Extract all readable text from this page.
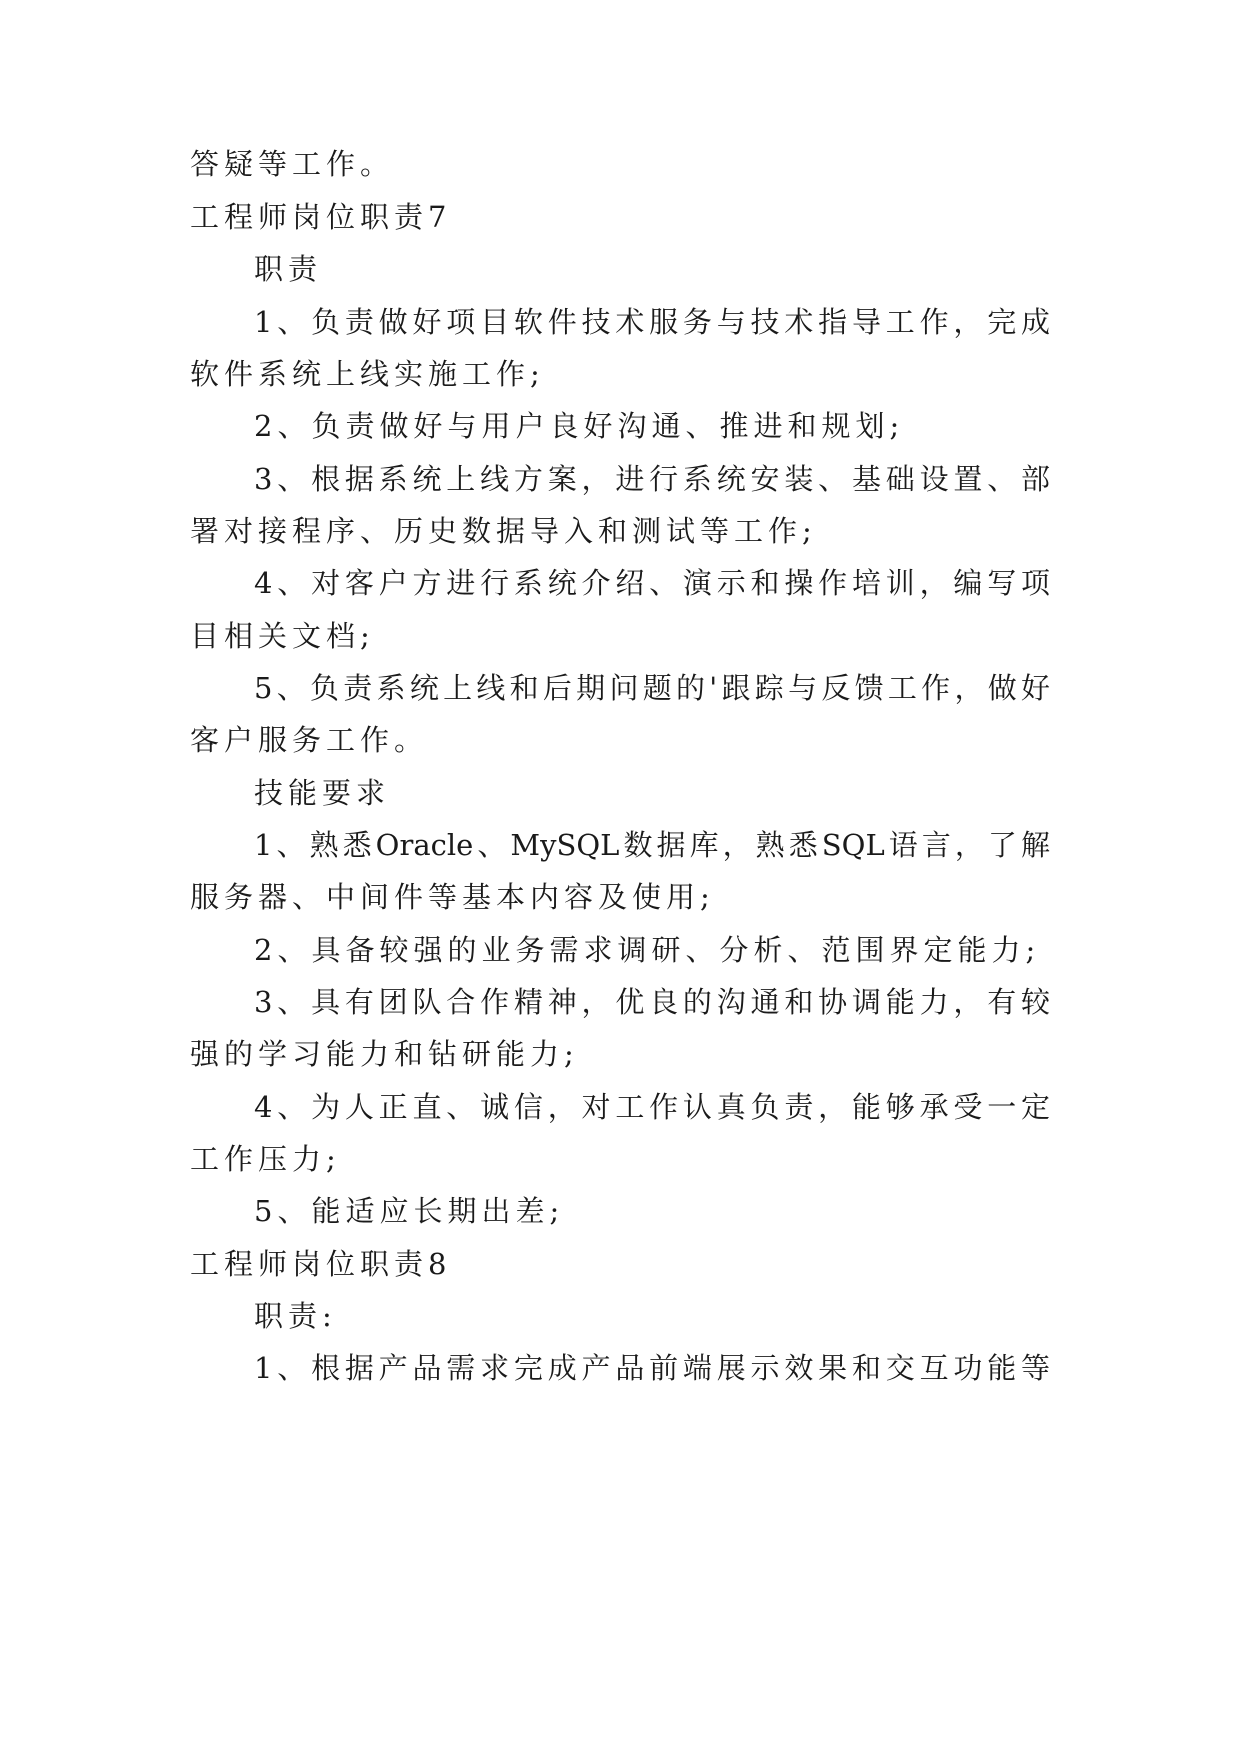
答疑等工作。
工程师岗位职责7
职责
1、负责做好项目软件技术服务与技术指导工作，完成
软件系统上线实施工作;
2、负责做好与用户良好沟通、推进和规划;
3、根据系统上线方案，进行系统安装、基础设置、部
署对接程序、历史数据导入和测试等工作;
4、对客户方进行系统介绍、演示和操作培训，编写项
目相关文档;
5、负责系统上线和后期问题的'跟踪与反馈工作，做好
客户服务工作。
技能要求
1、熟悉Oracle、MySQL数据库，熟悉SQL语言，了解
服务器、中间件等基本内容及使用;
2、具备较强的业务需求调研、分析、范围界定能力;
3、具有团队合作精神，优良的沟通和协调能力，有较
强的学习能力和钻研能力;
4、为人正直、诚信，对工作认真负责，能够承受一定
工作压力;
5、能适应长期出差;
工程师岗位职责8
职责:
1、根据产品需求完成产品前端展示效果和交互功能等
